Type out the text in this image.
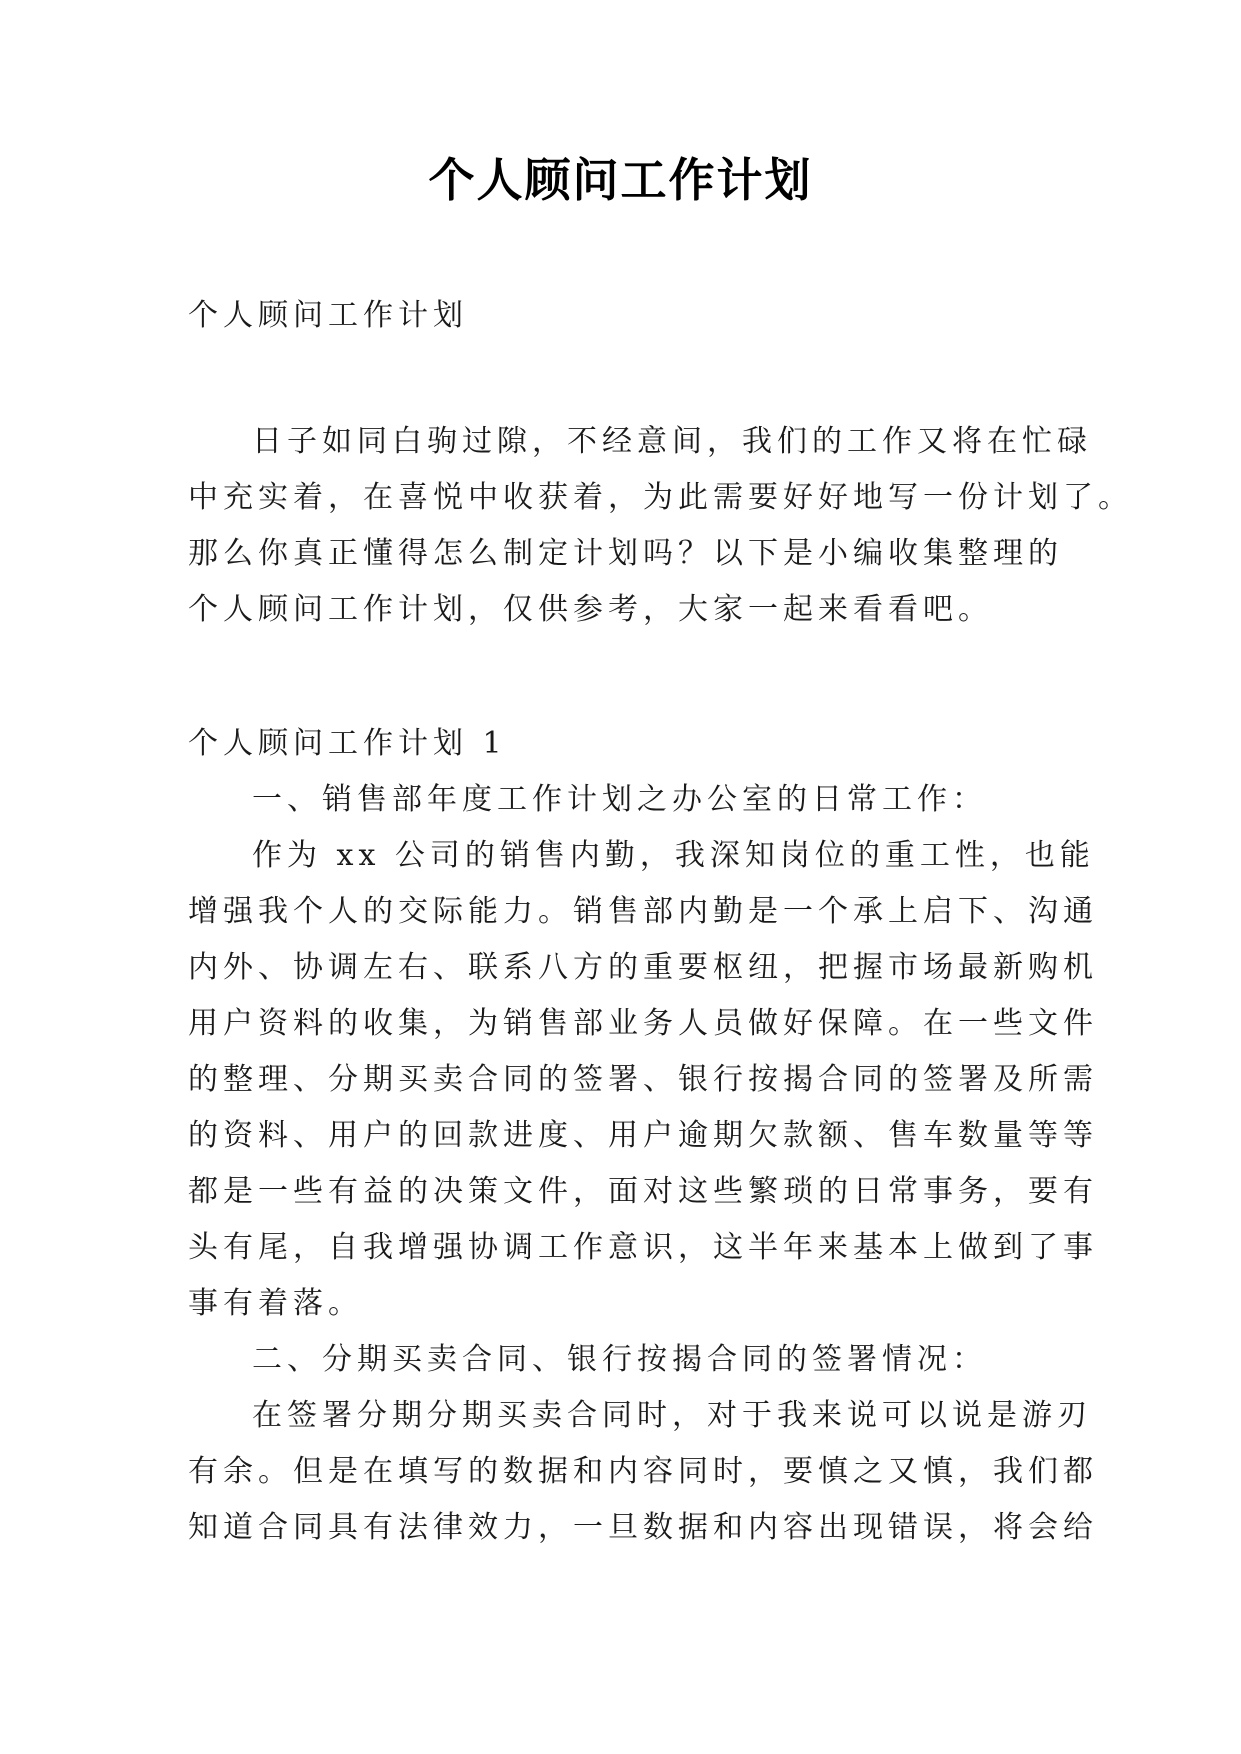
个人顾问工作计划
个人顾问工作计划
日子如同白驹过隙，不经意间，我们的工作又将在忙碌
中充实着，在喜悦中收获着，为此需要好好地写一份计划了。
那么你真正懂得怎么制定计划吗？以下是小编收集整理的
个人顾问工作计划，仅供参考，大家一起来看看吧。
个人顾问工作计划 1
一、销售部年度工作计划之办公室的日常工作：
作为 xx 公司的销售内勤，我深知岗位的重工性，也能
增强我个人的交际能力。销售部内勤是一个承上启下、沟通
内外、协调左右、联系八方的重要枢纽，把握市场最新购机
用户资料的收集，为销售部业务人员做好保障。在一些文件
的整理、分期买卖合同的签署、银行按揭合同的签署及所需
的资料、用户的回款进度、用户逾期欠款额、售车数量等等
都是一些有益的决策文件，面对这些繁琐的日常事务，要有
头有尾，自我增强协调工作意识，这半年来基本上做到了事
事有着落。
二、分期买卖合同、银行按揭合同的签署情况：
在签署分期分期买卖合同时，对于我来说可以说是游刃
有余。但是在填写的数据和内容同时，要慎之又慎，我们都
知道合同具有法律效力，一旦数据和内容出现错误，将会给
